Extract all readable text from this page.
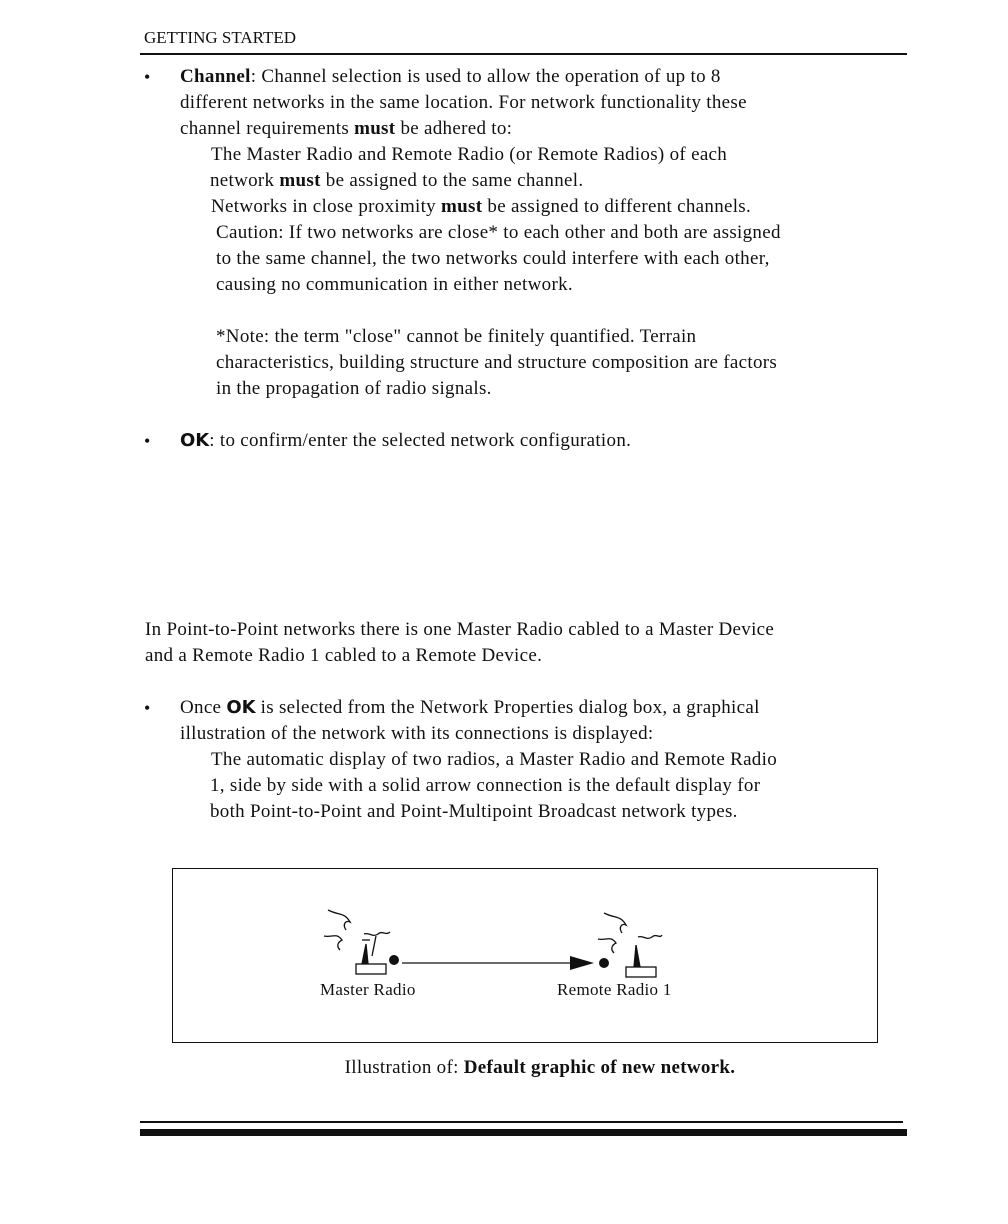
GETTING STARTED
• Channel: Channel selection is used to allow the operation of up to 8
different networks in the same location. For network functionality these
channel requirements must be adhered to:
The Master Radio and Remote Radio (or Remote Radios) of each
network must be assigned to the same channel.
Networks in close proximity must be assigned to different channels.
Caution: If two networks are close* to each other and both are assigned
to the same channel, the two networks could interfere with each other,
causing no communication in either network.
*Note: the term "close" cannot be finitely quantified. Terrain
characteristics, building structure and structure composition are factors
in the propagation of radio signals.
• OK: to confirm/enter the selected network configuration.
In Point-to-Point networks there is one Master Radio cabled to a Master Device
and a Remote Radio 1 cabled to a Remote Device.
• Once OK is selected from the Network Properties dialog box, a graphical
illustration of the network with its connections is displayed:
The automatic display of two radios, a Master Radio and Remote Radio
1, side by side with a solid arrow connection is the default display for
both Point-to-Point and Point-Multipoint Broadcast network types.
Master Radio	Remote Radio 1
Illustration of: Default graphic of new network.
